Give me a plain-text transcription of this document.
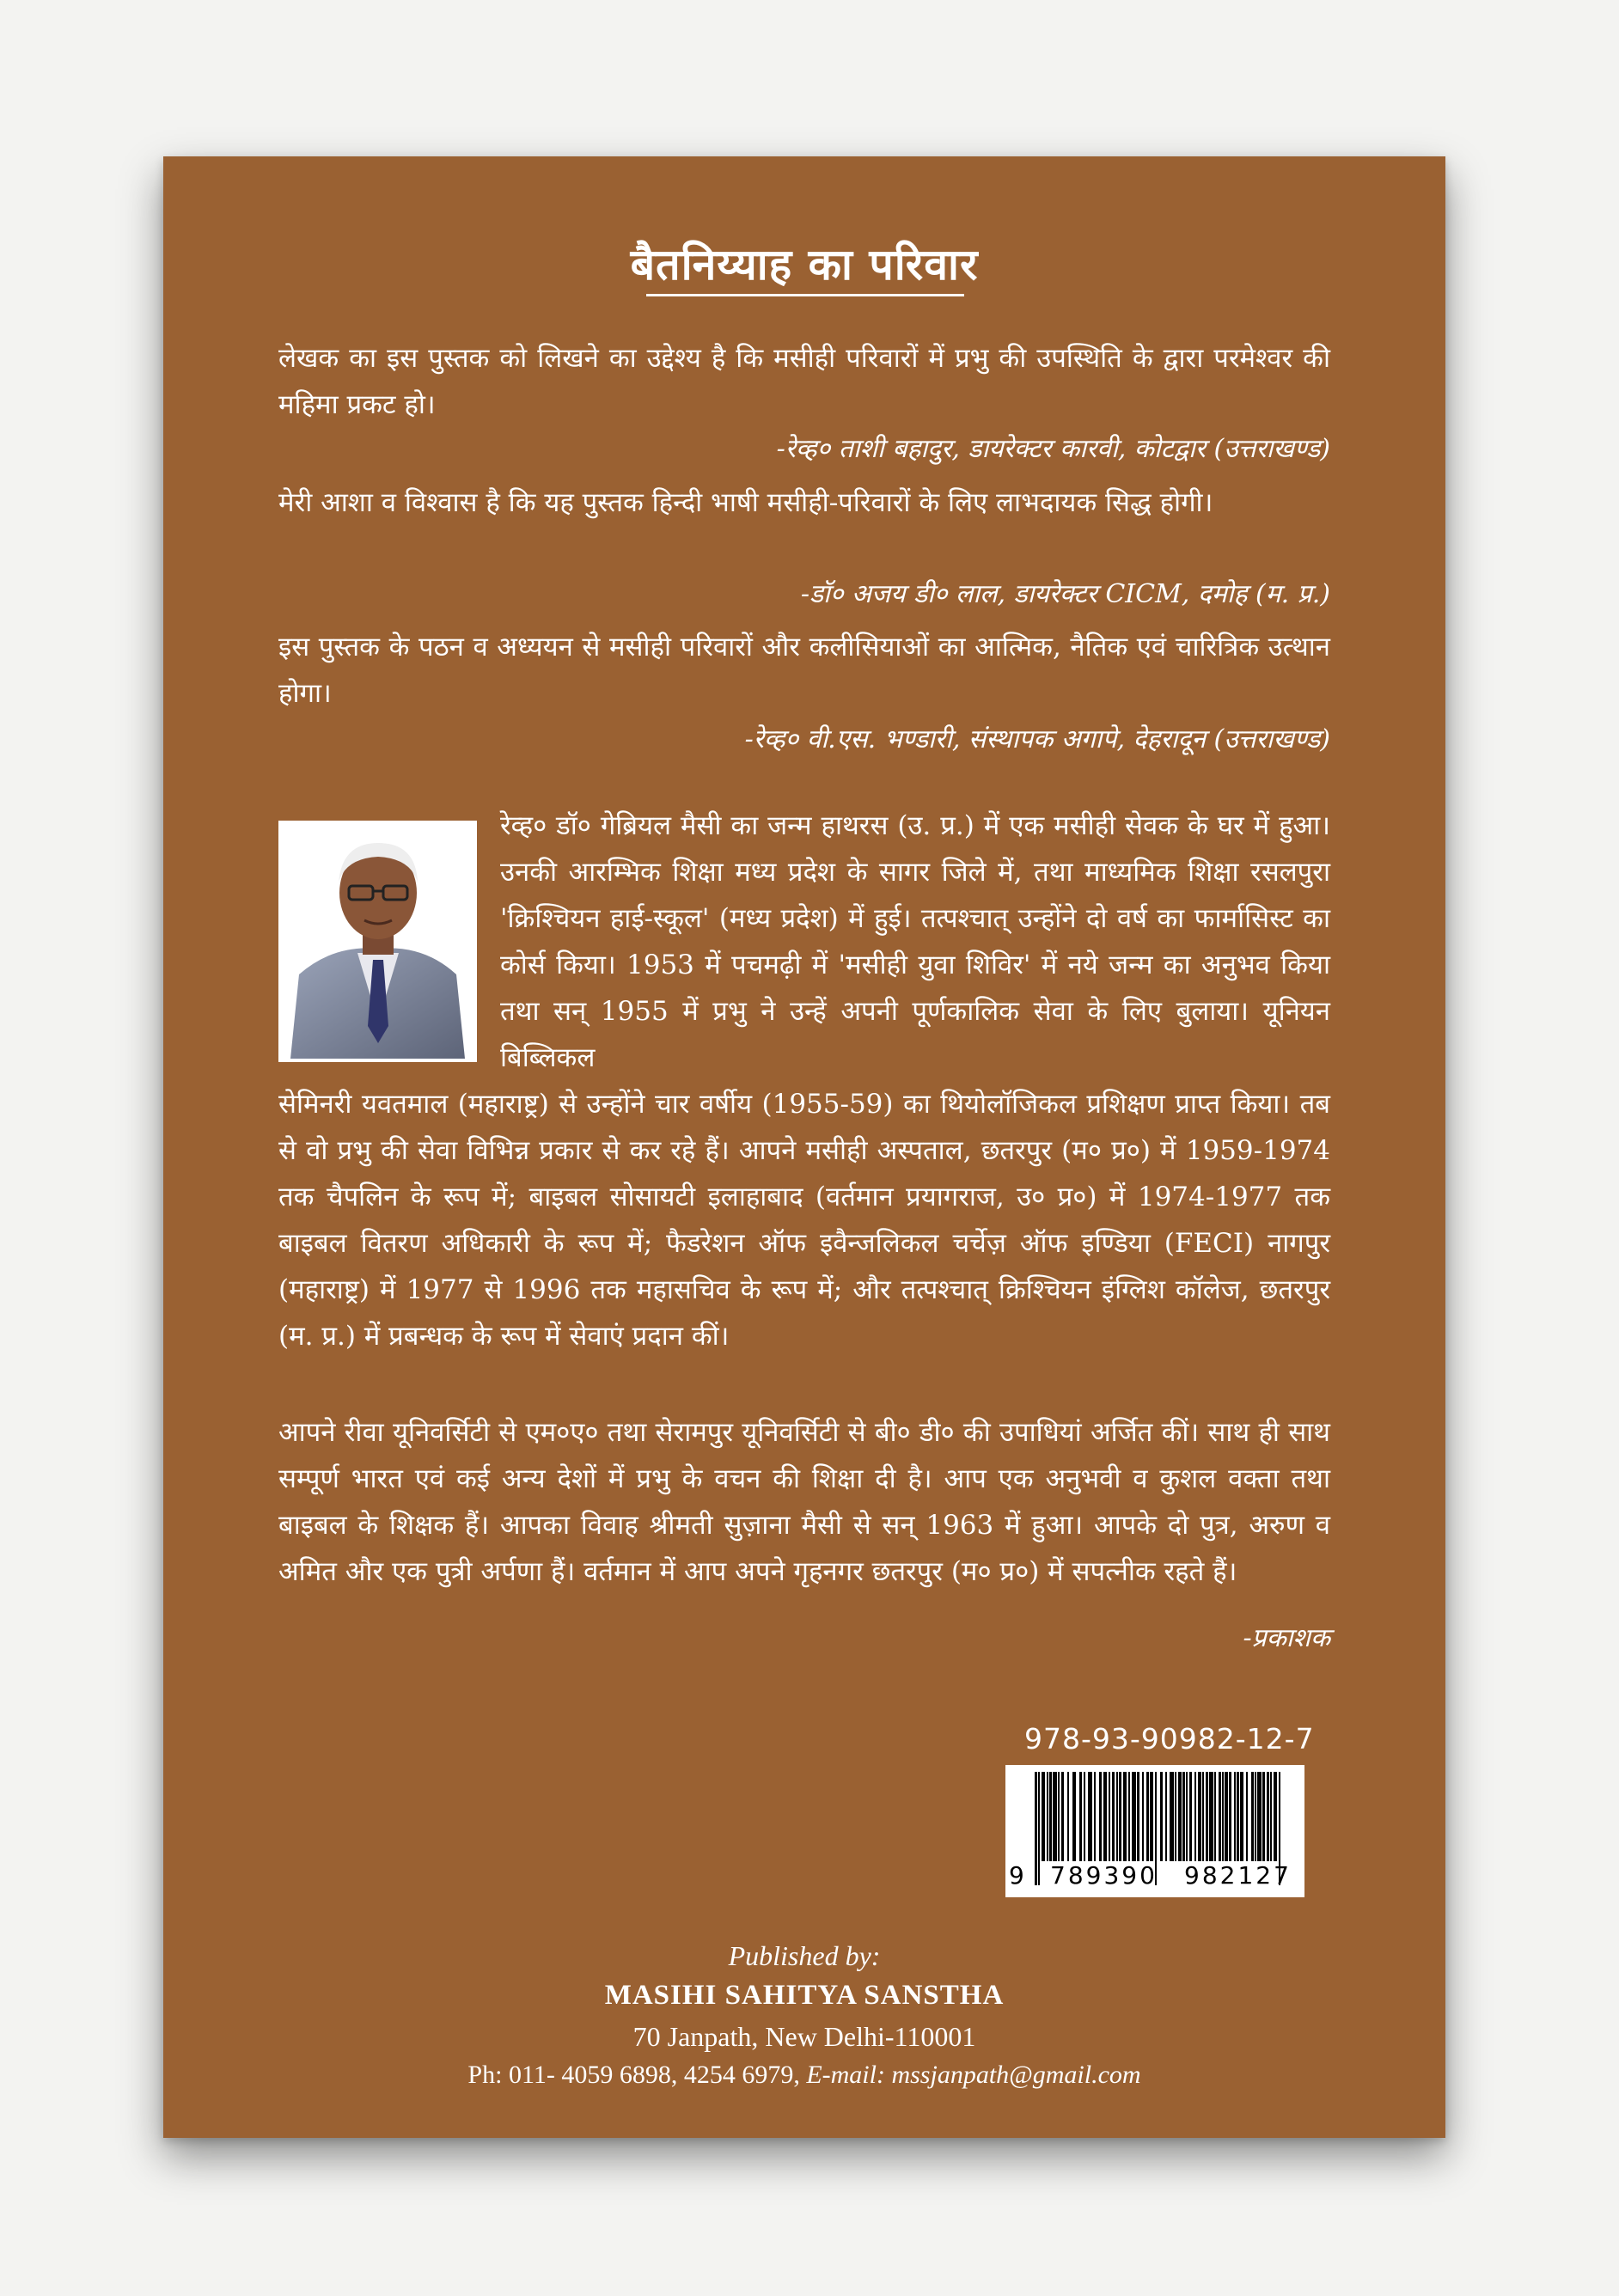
बैतनिय्याह का परिवार
लेखक का इस पुस्तक को लिखने का उद्देश्य है कि मसीही परिवारों में प्रभु की उपस्थिति के द्वारा परमेश्वर की महिमा प्रकट हो।
-रेव्ह० ताशी बहादुर, डायरेक्टर कारवी, कोटद्वार (उत्तराखण्ड)
मेरी आशा व विश्वास है कि यह पुस्तक हिन्दी भाषी मसीही-परिवारों के लिए लाभदायक सिद्ध होगी।
-डॉ० अजय डी० लाल, डायरेक्टर CICM, दमोह (म. प्र.)
इस पुस्तक के पठन व अध्ययन से मसीही परिवारों और कलीसियाओं का आत्मिक, नैतिक एवं चारित्रिक उत्थान होगा।
-रेव्ह० वी.एस. भण्डारी, संस्थापक अगापे, देहरादून (उत्तराखण्ड)
रेव्ह० डॉ० गेब्रियल मैसी का जन्म हाथरस (उ. प्र.) में एक मसीही सेवक के घर में हुआ। उनकी आरम्भिक शिक्षा मध्य प्रदेश के सागर जिले में, तथा माध्यमिक शिक्षा रसलपुरा 'क्रिश्चियन हाई-स्कूल' (मध्य प्रदेश) में हुई। तत्पश्चात् उन्होंने दो वर्ष का फार्मासिस्ट का कोर्स किया। 1953 में पचमढ़ी में 'मसीही युवा शिविर' में नये जन्म का अनुभव किया तथा सन् 1955 में प्रभु ने उन्हें अपनी पूर्णकालिक सेवा के लिए बुलाया। यूनियन बिब्लिकल
सेमिनरी यवतमाल (महाराष्ट्र) से उन्होंने चार वर्षीय (1955-59) का थियोलॉजिकल प्रशिक्षण प्राप्त किया। तब से वो प्रभु की सेवा विभिन्न प्रकार से कर रहे हैं। आपने मसीही अस्पताल, छतरपुर (म० प्र०) में 1959-1974 तक चैपलिन के रूप में; बाइबल सोसायटी इलाहाबाद (वर्तमान प्रयागराज, उ० प्र०) में 1974-1977 तक बाइबल वितरण अधिकारी के रूप में; फैडरेशन ऑफ इवैन्जलिकल चर्चेज़ ऑफ इण्डिया (FECI) नागपुर (महाराष्ट्र) में 1977 से 1996 तक महासचिव के रूप में; और तत्पश्चात् क्रिश्चियन इंग्लिश कॉलेज, छतरपुर (म. प्र.) में प्रबन्धक के रूप में सेवाएं प्रदान कीं।
आपने रीवा यूनिवर्सिटी से एम०ए० तथा सेरामपुर यूनिवर्सिटी से बी० डी० की उपाधियां अर्जित कीं। साथ ही साथ सम्पूर्ण भारत एवं कई अन्य देशों में प्रभु के वचन की शिक्षा दी है। आप एक अनुभवी व कुशल वक्ता तथा बाइबल के शिक्षक हैं। आपका विवाह श्रीमती सुज़ाना मैसी से सन् 1963 में हुआ। आपके दो पुत्र, अरुण व अमित और एक पुत्री अर्पणा हैं। वर्तमान में आप अपने गृहनगर छतरपुर (म० प्र०) में सपत्नीक रहते हैं।
-प्रकाशक
978-93-90982-12-7
9 789390 982127
Published by:
MASIHI SAHITYA SANSTHA
70 Janpath, New Delhi-110001
Ph: 011- 4059 6898, 4254 6979, E-mail: mssjanpath@gmail.com
